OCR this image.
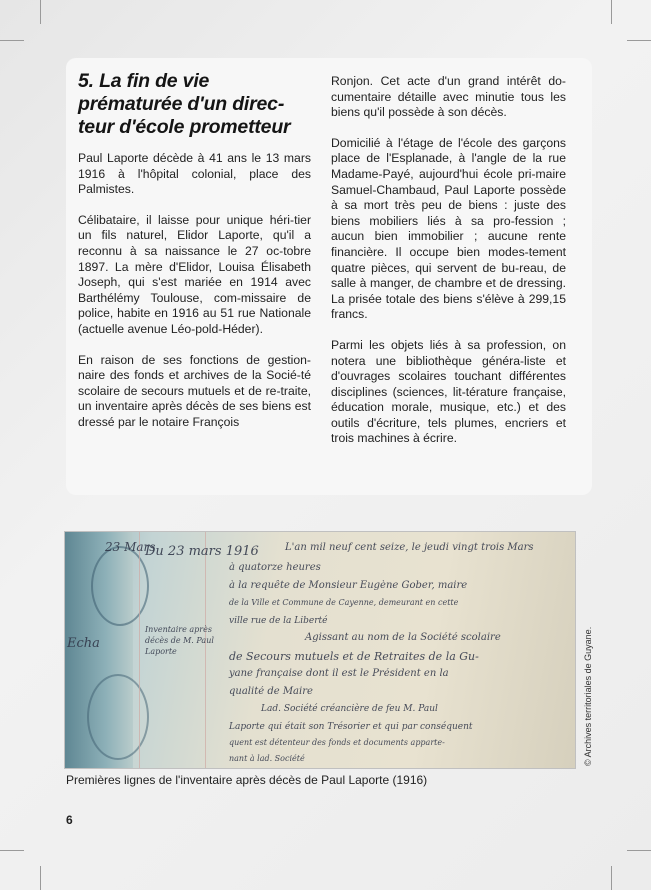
5. La fin de vie prématurée d'un direc-teur d'école prometteur

Paul Laporte décède à 41 ans le 13 mars 1916 à l'hôpital colonial, place des Palmistes.

Célibataire, il laisse pour unique héri-tier un fils naturel, Elidor Laporte, qu'il a reconnu à sa naissance le 27 oc-tobre 1897. La mère d'Elidor, Louisa Élisabeth Joseph, qui s'est mariée en 1914 avec Barthélémy Toulouse, com-missaire de police, habite en 1916 au 51 rue Nationale (actuelle avenue Léo-pold-Héder).

En raison de ses fonctions de gestion-naire des fonds et archives de la Socié-té scolaire de secours mutuels et de re-traite, un inventaire après décès de ses biens est dressé par le notaire François

Ronjon. Cet acte d'un grand intérêt do-cumentaire détaille avec minutie tous les biens qu'il possède à son décès.

Domicilié à l'étage de l'école des garçons place de l'Esplanade, à l'angle de la rue Madame-Payé, aujourd'hui école pri-maire Samuel-Chambaud, Paul Laporte possède à sa mort très peu de biens : juste des biens mobiliers liés à sa pro-fession ; aucun bien immobilier ; aucune rente financière. Il occupe bien modes-tement quatre pièces, qui servent de bu-reau, de salle à manger, de chambre et de dressing. La prisée totale des biens s'élève à 299,15 francs.

Parmi les objets liés à sa profession, on notera une bibliothèque généra-liste et d'ouvrages scolaires touchant différentes disciplines (sciences, lit-térature française, éducation morale, musique, etc.) et des outils d'écriture, tels plumes, encriers et trois machines à écrire.

23 Mars
Du 23 mars 1916	L'an mil neuf cent seize, le jeudi vingt trois Mars
à quatorze heures
à la requête de Monsieur Eugène Gober, maire
de la Ville et Commune de Cayenne, demeurant en cette
ville rue de la Liberté
Inventaire après décès de M. Paul Laporte
Echa	Agissant au nom de la Société scolaire
de Secours mutuels et de Retraites de la Gu-
yane française dont il est le Président en la
qualité de Maire
Lad. Société créancière de feu M. Paul
Laporte qui était son Trésorier et qui par conséquent
quent est détenteur des fonds et documents apparte-
nant à lad. Société	© Archives territoriales de Guyane.
Premières lignes de l'inventaire après décès de Paul Laporte (1916)
6
